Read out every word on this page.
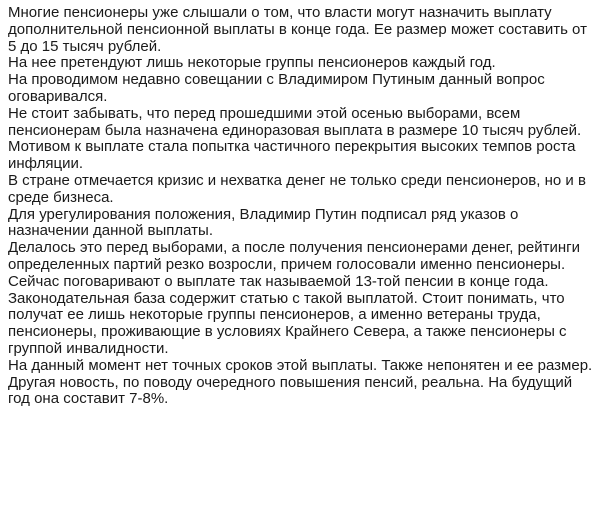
Многие пенсионеры уже слышали о том, что власти могут назначить выплату дополнительной пенсионной выплаты в конце года. Ее размер может составить от 5 до 15 тысяч рублей.

На нее претендуют лишь некоторые группы пенсионеров каждый год.

На проводимом недавно совещании с Владимиром Путиным данный вопрос оговаривался.

Не стоит забывать, что перед прошедшими этой осенью выборами, всем пенсионерам была назначена единоразовая выплата в размере 10 тысяч рублей.

Мотивом к выплате стала попытка частичного перекрытия высоких темпов роста инфляции.

В стране отмечается кризис и нехватка денег не только среди пенсионеров, но и в среде бизнеса.

Для урегулирования положения, Владимир Путин подписал ряд указов о назначении данной выплаты.

Делалось это перед выборами, а после получения пенсионерами денег, рейтинги определенных партий резко возросли, причем голосовали именно пенсионеры.

Сейчас поговаривают о выплате так называемой 13-той пенсии в конце года. Законодательная база содержит статью с такой выплатой. Стоит понимать, что получат ее лишь некоторые группы пенсионеров, а именно ветераны труда, пенсионеры, проживающие в условиях Крайнего Севера, а также пенсионеры с группой инвалидности.

На данный момент нет точных сроков этой выплаты. Также непонятен и ее размер.

Другая новость, по поводу очередного повышения пенсий, реальна. На будущий год она составит 7-8%.
